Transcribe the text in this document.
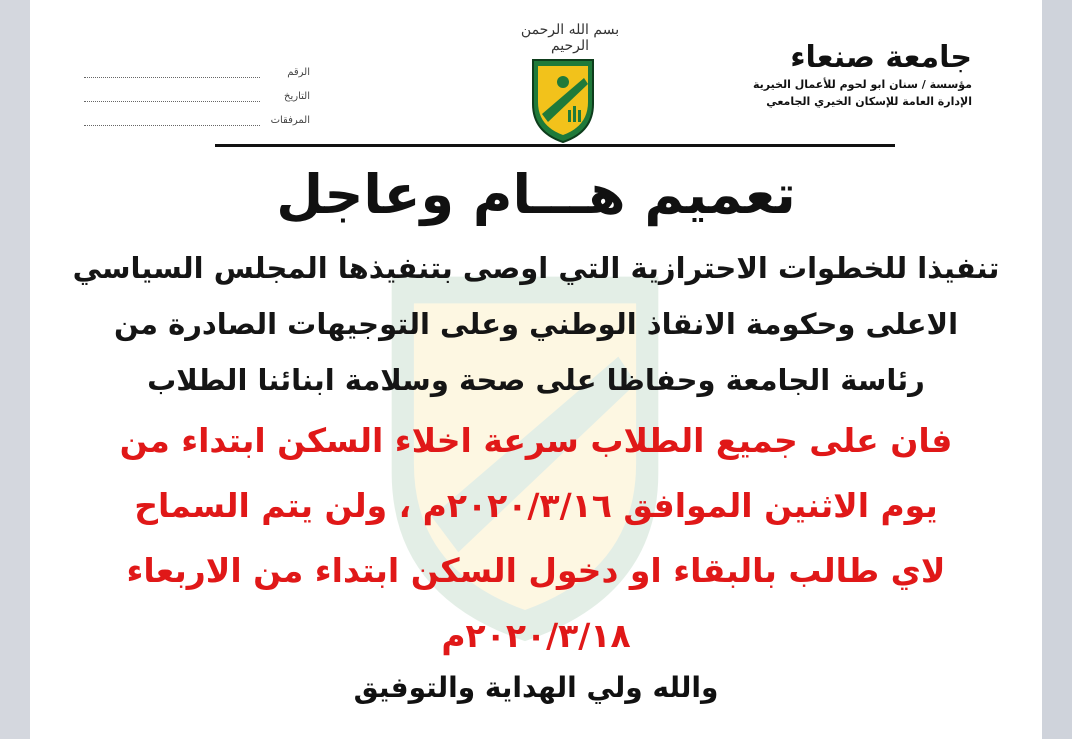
جامعة صنعاء
مؤسسة / سنان ابو لحوم للأعمال الخيرية
الإدارة العامة للإسكان الخيري الجامعي
بسم الله الرحمن الرحيم
الرقم
التاريخ
المرفقات
تعميم هـــام وعاجل
تنفيذا للخطوات الاحترازية التي اوصى بتنفيذها المجلس السياسي
الاعلى وحكومة الانقاذ الوطني وعلى التوجيهات الصادرة من
رئاسة الجامعة وحفاظا على صحة وسلامة ابنائنا الطلاب
فان على جميع الطلاب سرعة اخلاء السكن ابتداء من
يوم الاثنين الموافق ٢٠٢٠/٣/١٦م ، ولن يتم السماح
لاي طالب بالبقاء او دخول السكن ابتداء من الاربعاء
٢٠٢٠/٣/١٨م
والله ولي الهداية والتوفيق
